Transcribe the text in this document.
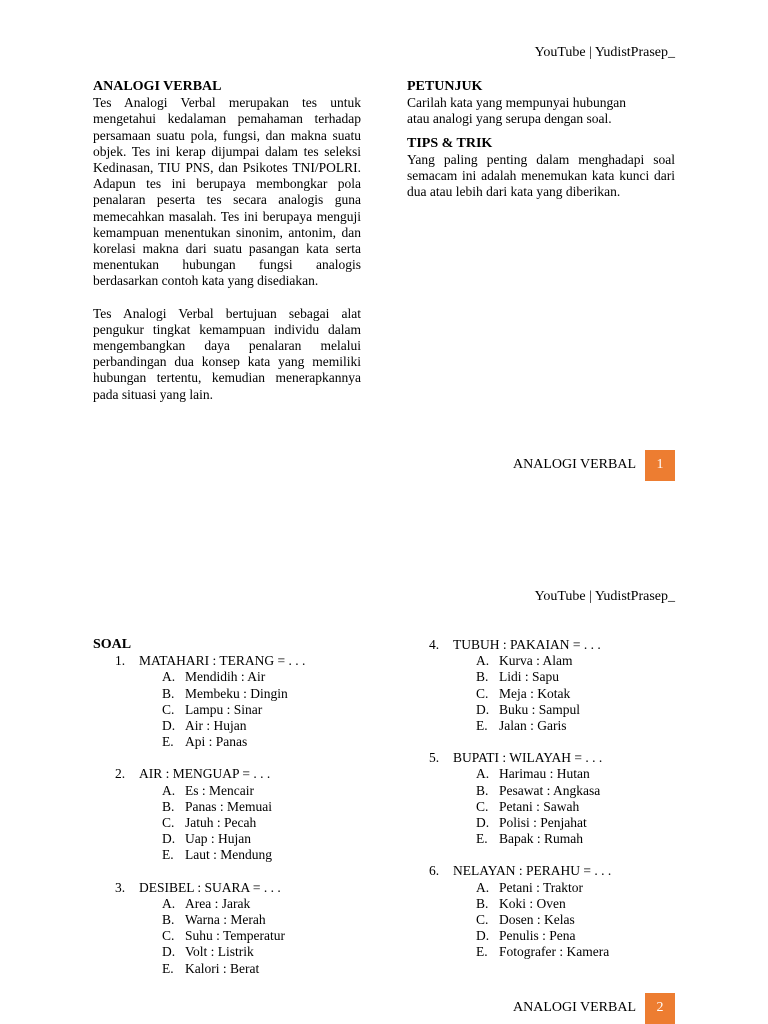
YouTube | YudistPrasep_
ANALOGI VERBAL
Tes Analogi Verbal merupakan tes untuk mengetahui kedalaman pemahaman terhadap persamaan suatu pola, fungsi, dan makna suatu objek. Tes ini kerap dijumpai dalam tes seleksi Kedinasan, TIU PNS, dan Psikotes TNI/POLRI. Adapun tes ini berupaya membongkar pola penalaran peserta tes secara analogis guna memecahkan masalah. Tes ini berupaya menguji kemampuan menentukan sinonim, antonim, dan korelasi makna dari suatu pasangan kata serta menentukan hubungan fungsi analogis berdasarkan contoh kata yang disediakan.
Tes Analogi Verbal bertujuan sebagai alat pengukur tingkat kemampuan individu dalam mengembangkan daya penalaran melalui perbandingan dua konsep kata yang memiliki hubungan tertentu, kemudian menerapkannya pada situasi yang lain.
PETUNJUK
Carilah kata yang mempunyai hubungan
atau analogi yang serupa dengan soal.
TIPS & TRIK
Yang paling penting dalam menghadapi soal semacam ini adalah menemukan kata kunci dari dua atau lebih dari kata yang diberikan.
ANALOGI VERBAL	1
YouTube | YudistPrasep_
SOAL
1. MATAHARI : TERANG = . . .
A. Mendidih : Air
B. Membeku : Dingin
C. Lampu : Sinar
D. Air : Hujan
E. Api : Panas
2. AIR : MENGUAP = . . .
A. Es : Mencair
B. Panas : Memuai
C. Jatuh : Pecah
D. Uap : Hujan
E. Laut : Mendung
3. DESIBEL : SUARA = . . .
A. Area : Jarak
B. Warna : Merah
C. Suhu : Temperatur
D. Volt : Listrik
E. Kalori : Berat
4. TUBUH : PAKAIAN = . . .
A. Kurva : Alam
B. Lidi : Sapu
C. Meja : Kotak
D. Buku : Sampul
E. Jalan : Garis
5. BUPATI : WILAYAH = . . .
A. Harimau : Hutan
B. Pesawat : Angkasa
C. Petani : Sawah
D. Polisi : Penjahat
E. Bapak : Rumah
6. NELAYAN : PERAHU = . . .
A. Petani : Traktor
B. Koki : Oven
C. Dosen : Kelas
D. Penulis : Pena
E. Fotografer : Kamera
ANALOGI VERBAL	2
